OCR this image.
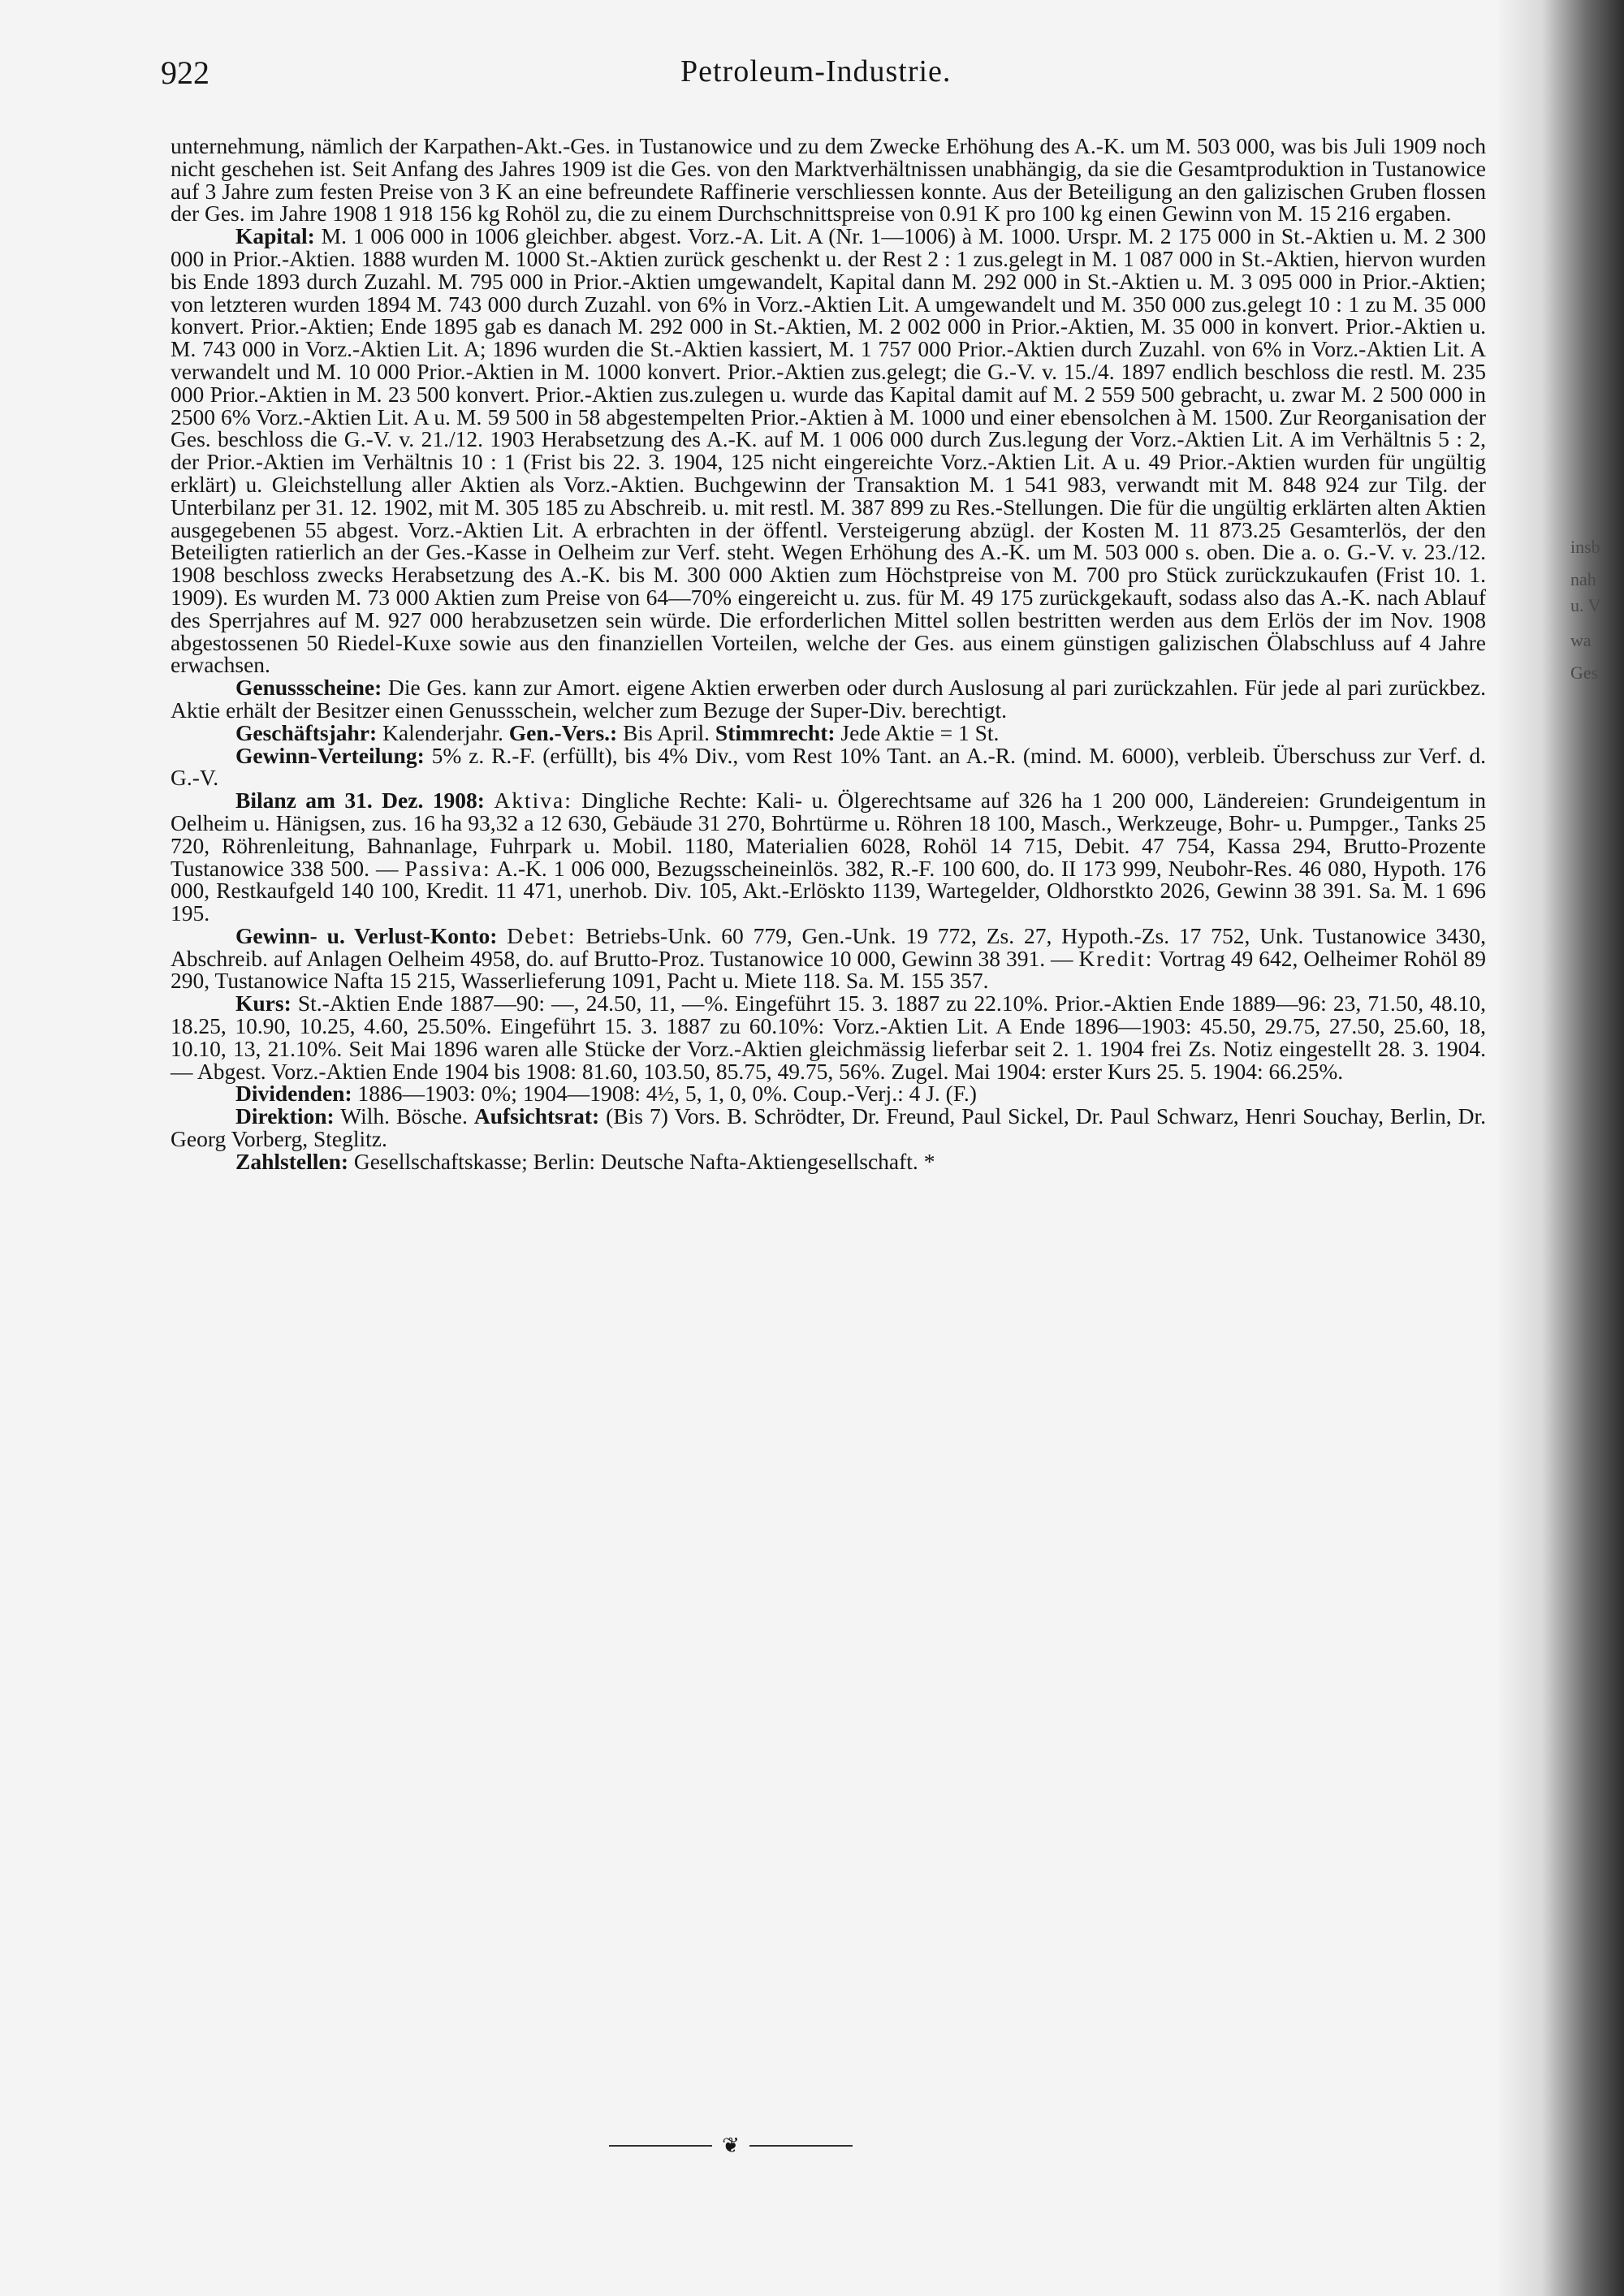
insb
nah
u. V
wa
Ges
922	Petroleum-Industrie.

unternehmung, nämlich der Karpathen-Akt.-Ges. in Tustanowice und zu dem Zwecke Erhöhung des A.-K. um M. 503 000, was bis Juli 1909 noch nicht geschehen ist. Seit Anfang des Jahres 1909 ist die Ges. von den Marktverhältnissen unabhängig, da sie die Gesamtproduktion in Tustanowice auf 3 Jahre zum festen Preise von 3 K an eine befreundete Raffinerie verschliessen konnte. Aus der Beteiligung an den galizischen Gruben flossen der Ges. im Jahre 1908 1 918 156 kg Rohöl zu, die zu einem Durchschnittspreise von 0.91 K pro 100 kg einen Gewinn von M. 15 216 ergaben.

Kapital: M. 1 006 000 in 1006 gleichber. abgest. Vorz.-A. Lit. A (Nr. 1—1006) à M. 1000. Urspr. M. 2 175 000 in St.-Aktien u. M. 2 300 000 in Prior.-Aktien. 1888 wurden M. 1000 St.-Aktien zurück geschenkt u. der Rest 2 : 1 zus.gelegt in M. 1 087 000 in St.-Aktien, hiervon wurden bis Ende 1893 durch Zuzahl. M. 795 000 in Prior.-Aktien umgewandelt, Kapital dann M. 292 000 in St.-Aktien u. M. 3 095 000 in Prior.-Aktien; von letzteren wurden 1894 M. 743 000 durch Zuzahl. von 6% in Vorz.-Aktien Lit. A umgewandelt und M. 350 000 zus.gelegt 10 : 1 zu M. 35 000 konvert. Prior.-Aktien; Ende 1895 gab es danach M. 292 000 in St.-Aktien, M. 2 002 000 in Prior.-Aktien, M. 35 000 in konvert. Prior.-Aktien u. M. 743 000 in Vorz.-Aktien Lit. A; 1896 wurden die St.-Aktien kassiert, M. 1 757 000 Prior.-Aktien durch Zuzahl. von 6% in Vorz.-Aktien Lit. A verwandelt und M. 10 000 Prior.-Aktien in M. 1000 konvert. Prior.-Aktien zus.gelegt; die G.-V. v. 15./4. 1897 endlich beschloss die restl. M. 235 000 Prior.-Aktien in M. 23 500 konvert. Prior.-Aktien zus.zulegen u. wurde das Kapital damit auf M. 2 559 500 gebracht, u. zwar M. 2 500 000 in 2500 6% Vorz.-Aktien Lit. A u. M. 59 500 in 58 abgestempelten Prior.-Aktien à M. 1000 und einer ebensolchen à M. 1500. Zur Reorganisation der Ges. beschloss die G.-V. v. 21./12. 1903 Herabsetzung des A.-K. auf M. 1 006 000 durch Zus.legung der Vorz.-Aktien Lit. A im Verhältnis 5 : 2, der Prior.-Aktien im Verhältnis 10 : 1 (Frist bis 22. 3. 1904, 125 nicht eingereichte Vorz.-Aktien Lit. A u. 49 Prior.-Aktien wurden für ungültig erklärt) u. Gleichstellung aller Aktien als Vorz.-Aktien. Buchgewinn der Transaktion M. 1 541 983, verwandt mit M. 848 924 zur Tilg. der Unterbilanz per 31. 12. 1902, mit M. 305 185 zu Abschreib. u. mit restl. M. 387 899 zu Res.-Stellungen. Die für die ungültig erklärten alten Aktien ausgegebenen 55 abgest. Vorz.-Aktien Lit. A erbrachten in der öffentl. Versteigerung abzügl. der Kosten M. 11 873.25 Gesamterlös, der den Beteiligten ratierlich an der Ges.-Kasse in Oelheim zur Verf. steht. Wegen Erhöhung des A.-K. um M. 503 000 s. oben. Die a. o. G.-V. v. 23./12. 1908 beschloss zwecks Herabsetzung des A.-K. bis M. 300 000 Aktien zum Höchstpreise von M. 700 pro Stück zurückzukaufen (Frist 10. 1. 1909). Es wurden M. 73 000 Aktien zum Preise von 64—70% eingereicht u. zus. für M. 49 175 zurückgekauft, sodass also das A.-K. nach Ablauf des Sperrjahres auf M. 927 000 herabzusetzen sein würde. Die erforderlichen Mittel sollen bestritten werden aus dem Erlös der im Nov. 1908 abgestossenen 50 Riedel-Kuxe sowie aus den finanziellen Vorteilen, welche der Ges. aus einem günstigen galizischen Ölabschluss auf 4 Jahre erwachsen.

Genussscheine: Die Ges. kann zur Amort. eigene Aktien erwerben oder durch Auslosung al pari zurückzahlen. Für jede al pari zurückbez. Aktie erhält der Besitzer einen Genussschein, welcher zum Bezuge der Super-Div. berechtigt.

Geschäftsjahr: Kalenderjahr. Gen.-Vers.: Bis April. Stimmrecht: Jede Aktie = 1 St.

Gewinn-Verteilung: 5% z. R.-F. (erfüllt), bis 4% Div., vom Rest 10% Tant. an A.-R. (mind. M. 6000), verbleib. Überschuss zur Verf. d. G.-V.

Bilanz am 31. Dez. 1908: Aktiva: Dingliche Rechte: Kali- u. Ölgerechtsame auf 326 ha 1 200 000, Ländereien: Grundeigentum in Oelheim u. Hänigsen, zus. 16 ha 93,32 a 12 630, Gebäude 31 270, Bohrtürme u. Röhren 18 100, Masch., Werkzeuge, Bohr- u. Pumpger., Tanks 25 720, Röhrenleitung, Bahnanlage, Fuhrpark u. Mobil. 1180, Materialien 6028, Rohöl 14 715, Debit. 47 754, Kassa 294, Brutto-Prozente Tustanowice 338 500. — Passiva: A.-K. 1 006 000, Bezugsscheineinlös. 382, R.-F. 100 600, do. II 173 999, Neubohr-Res. 46 080, Hypoth. 176 000, Restkaufgeld 140 100, Kredit. 11 471, unerhob. Div. 105, Akt.-Erlöskto 1139, Wartegelder, Oldhorstkto 2026, Gewinn 38 391. Sa. M. 1 696 195.

Gewinn- u. Verlust-Konto: Debet: Betriebs-Unk. 60 779, Gen.-Unk. 19 772, Zs. 27, Hypoth.-Zs. 17 752, Unk. Tustanowice 3430, Abschreib. auf Anlagen Oelheim 4958, do. auf Brutto-Proz. Tustanowice 10 000, Gewinn 38 391. — Kredit: Vortrag 49 642, Oelheimer Rohöl 89 290, Tustanowice Nafta 15 215, Wasserlieferung 1091, Pacht u. Miete 118. Sa. M. 155 357.

Kurs: St.-Aktien Ende 1887—90: —, 24.50, 11, —%. Eingeführt 15. 3. 1887 zu 22.10%. Prior.-Aktien Ende 1889—96: 23, 71.50, 48.10, 18.25, 10.90, 10.25, 4.60, 25.50%. Eingeführt 15. 3. 1887 zu 60.10%: Vorz.-Aktien Lit. A Ende 1896—1903: 45.50, 29.75, 27.50, 25.60, 18, 10.10, 13, 21.10%. Seit Mai 1896 waren alle Stücke der Vorz.-Aktien gleichmässig lieferbar seit 2. 1. 1904 frei Zs. Notiz eingestellt 28. 3. 1904. — Abgest. Vorz.-Aktien Ende 1904 bis 1908: 81.60, 103.50, 85.75, 49.75, 56%. Zugel. Mai 1904: erster Kurs 25. 5. 1904: 66.25%.

Dividenden: 1886—1903: 0%; 1904—1908: 4½, 5, 1, 0, 0%. Coup.-Verj.: 4 J. (F.)

Direktion: Wilh. Bösche. Aufsichtsrat: (Bis 7) Vors. B. Schrödter, Dr. Freund, Paul Sickel, Dr. Paul Schwarz, Henri Souchay, Berlin, Dr. Georg Vorberg, Steglitz.

Zahlstellen: Gesellschaftskasse; Berlin: Deutsche Nafta-Aktiengesellschaft. *

❦
